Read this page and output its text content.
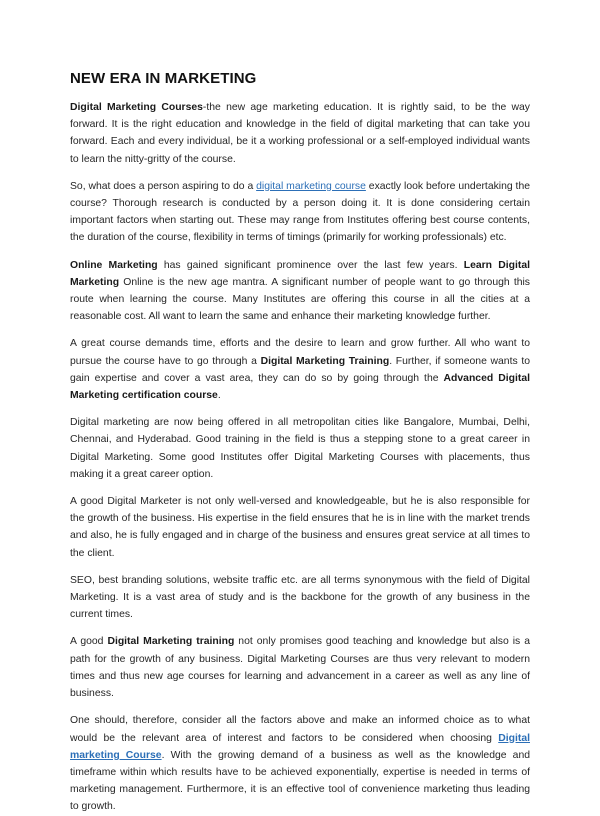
NEW ERA IN MARKETING

Digital Marketing Courses-the new age marketing education. It is rightly said, to be the way forward. It is the right education and knowledge in the field of digital marketing that can take you forward. Each and every individual, be it a working professional or a self-employed individual wants to learn the nitty-gritty of the course.

So, what does a person aspiring to do a digital marketing course exactly look before undertaking the course? Thorough research is conducted by a person doing it. It is done considering certain important factors when starting out. These may range from Institutes offering best course contents, the duration of the course, flexibility in terms of timings (primarily for working professionals) etc.

Online Marketing has gained significant prominence over the last few years. Learn Digital Marketing Online is the new age mantra. A significant number of people want to go through this route when learning the course. Many Institutes are offering this course in all the cities at a reasonable cost. All want to learn the same and enhance their marketing knowledge further.

A great course demands time, efforts and the desire to learn and grow further. All who want to pursue the course have to go through a Digital Marketing Training. Further, if someone wants to gain expertise and cover a vast area, they can do so by going through the Advanced Digital Marketing certification course.

Digital marketing are now being offered in all metropolitan cities like Bangalore, Mumbai, Delhi, Chennai, and Hyderabad. Good training in the field is thus a stepping stone to a great career in Digital Marketing. Some good Institutes offer Digital Marketing Courses with placements, thus making it a great career option.

A good Digital Marketer is not only well-versed and knowledgeable, but he is also responsible for the growth of the business. His expertise in the field ensures that he is in line with the market trends and also, he is fully engaged and in charge of the business and ensures great service at all times to the client.

SEO, best branding solutions, website traffic etc. are all terms synonymous with the field of Digital Marketing. It is a vast area of study and is the backbone for the growth of any business in the current times.

A good Digital Marketing training not only promises good teaching and knowledge but also is a path for the growth of any business. Digital Marketing Courses are thus very relevant to modern times and thus new age courses for learning and advancement in a career as well as any line of business.

One should, therefore, consider all the factors above and make an informed choice as to what would be the relevant area of interest and factors to be considered when choosing Digital marketing Course. With the growing demand of a business as well as the knowledge and timeframe within which results have to be achieved exponentially, expertise is needed in terms of marketing management. Furthermore, it is an effective tool of convenience marketing thus leading to growth.
